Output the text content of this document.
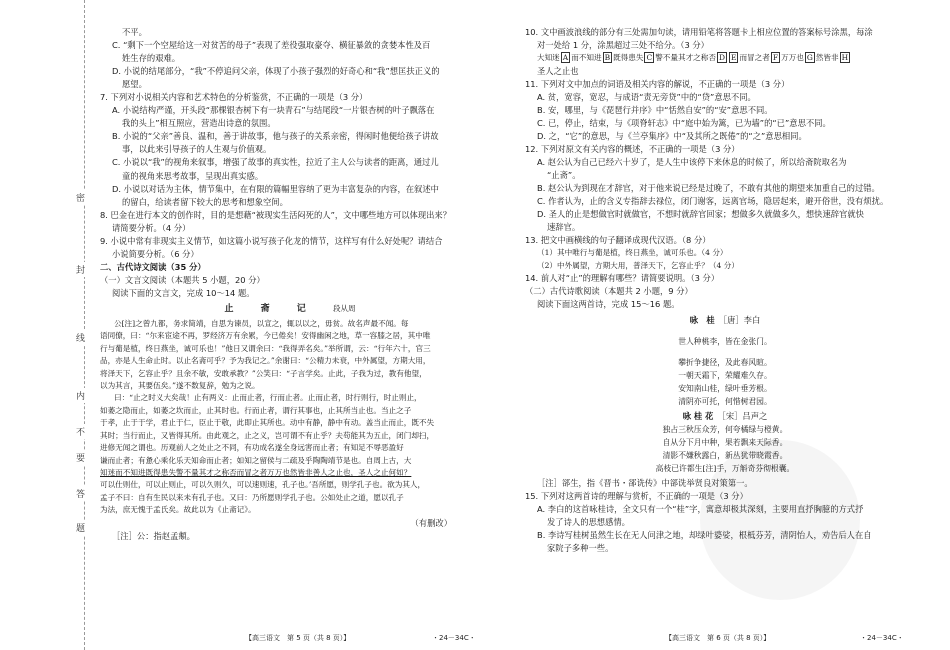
密
封
线
内
不
要
答
题

不平。

C. “剩下一个空屋给这一对贫苦的母子”表现了差役强取豪夺、横征暴敛的贪婪本性及百

姓生存的艰难。

D. 小说的结尾部分，“我”不停追问父亲，体现了小孩子强烈的好奇心和“我”想匡扶正义的

愿望。

7. 下列对小说相关内容和艺术特色的分析鉴赏，不正确的一项是（3 分）

A. 小说结构严谨，开头段“那棵银杏树下有一块青石”与结尾段“一片银杏树的叶子飘落在

我的头上”相互照应，营造出诗意的氛围。

B. 小说的“父亲”善良、温和，善于讲故事，他与孩子的关系亲密，得闲时他便给孩子讲故

事，以此来引导孩子的人生观与价值观。

C. 小说以“我”的视角来叙事，增强了故事的真实性，拉近了主人公与读者的距离，通过儿

童的视角来思考故事，呈现出真实感。

D. 小说以对话为主体，情节集中，在有限的篇幅里容纳了更为丰富复杂的内容，在叙述中

的留白，给读者留下较大的思考和想象空间。

8. 巴金在进行本文的创作时，目的是想藉“被现实生活闷死的人”，文中哪些地方可以体现出来？

请简要分析。（4 分）

9. 小说中常有非现实主义情节，如这篇小说写孩子化龙的情节，这样写有什么好处呢？请结合

小说简要分析。（6 分）

二、古代诗文阅读（35 分）

（一）文言文阅读（本题共 5 小题，20 分）

阅读下面的文言文，完成 10～14 题。

止 斋 记 段从周

公[注]之曾九都，务求简靖，自思为谏员，以宣之，辄以以之，毋贫。故名声最不闻。每

语同僚，曰：“尔来宦途不再，罗经济万有余累，今已倦矣！安得幽闲之地，草一容膝之居，其中唯

行与葡是植，终日燕坐，诚可乐也！”他日又谓余曰：“我得弄名矣。”举所谓，云：“行年六十，官三

品，亦是人生命止时。以止名斋可乎？予为我记之。”余谢曰：“公精力未衰，中外属望，方期大用，

将泽天下，乞容止乎？且余不敏，安敢承教？”公笑曰：“子言学矣。止此，子我为过，教有他望，

以为其言，其要伍矣。”遂不数复辞，勉为之说。

曰：“止之时义大矣哉！止有两义：止而止者，行而止者。止而止者，时行则行，时止则止，

如萎之隐而止，如萎之坎而止，止其时也。行而止者，谓行其事也，止其所当止也。当止之子

于孝，止于于学，君止于仁，臣止于敬，此即止其所也。动中有静，静中有动。盖当止而止，既不失

其时；当行而止，又皆得其所。由此观之，止之义，岂可谓不有止乎？夫苟能其为五止，闭门却扫，

进修无闻之谓也。历观前人之处止之不同，有功成名遂全身远害而止者；有知足不辱恶盈好

谦而止者；有惫心乘化乐天知命而止者；如知之留侯与二疏及乎陶陶靖节是也。自周上古，大

知迷而不知进既得患失警不量其才之称否而冒之者万万也然皆非善人之止也，圣人之止何如？

可以仕则仕，可以止则止，可以久则久，可以速则速，孔子也。’吾所愿，则学孔子也。欲为其人，

孟子不曰：自有生民以来未有孔子也。又曰：乃所愿则学孔子也。公如处止之道，愿以孔子

为法，庶无愧于孟氏矣。故此以为《止斋记》。

（有删改）

［注］公：指赵孟頫。

10. 文中画波浪线的部分有三处需加句读，请用铅笔将答题卡上相应位置的答案标号涂黑，每涂

对一处给 1 分，涂黑超过三处不给分。（3 分）

大知迷 A 而不知进 B 既得患失 C 警不量其才之称否 D E 而冒之者 F 万万也 G 然皆非 H

圣人之止也

11. 下列对文中加点的词语及相关内容的解说，不正确的一项是（3 分）

A. 贫，宽容，宽忍，与成语“责无旁贷”中的“贷”意思不同。

B. 安，哪里，与《琵琶行并序》中“恬然自安”的“安”意思不同。

C. 已，停止，结束，与《项脊轩志》中“庭中始为篱，已为墙”的“已”意思不同。

D. 之，“它”的意思，与《兰亭集序》中“及其所之既倦”的“之”意思相同。

12. 下列对原文有关内容的概述，不正确的一项是（3 分）

A. 赵公认为自己已经六十岁了，是人生中该停下来休息的时候了，所以给斋院取名为

“止斋”。

B. 赵公认为到现在才辞官，对于他来说已经是过晚了，不敢有其他的期望来加重自己的过错。

C. 作者认为，止的含义专指辞去禄位，闭门谢客，远离官场，隐居起来，避开俗世，没有烦扰。

D. 圣人的止是想做官时就做官，不想时就辞官回家；想做多久就做多久，想快速辞官就快

速辞官。

13. 把文中画横线的句子翻译成现代汉语。（8 分）

（1）其中唯行与葡是植，终日燕坐，诚可乐也。（4 分）

（2）中外属望，方期大用，普泽天下，乞容止乎？（4 分）

14. 前人对“止”的理解有哪些？请简要说明。（3 分）

（二）古代诗歌阅读（本题共 2 小题，9 分）

阅读下面这两首诗，完成 15～16 题。

咏　桂　 ［唐］李白

世人种桃李，皆在金张门。

攀折争捷径，及此春风暄。

一朝天霜下，荣耀难久存。

安知南山桂，绿叶垂芳根。

清阴亦可托，何惜树君园。

咏 桂 花　 ［宋］吕声之

独占三秋压众芳，何夸橘绿与橙黄。

自从分下月中种，果若飘来天际香。

清影不嫌秋露白，新丛犹带晓霞香。

高枝已许都生[注]手，万斛奇芬彻根囊。

［注］郤生，指《晋书・郤诜传》中郤诜举贤良对策第一。

15. 下列对这两首诗的理解与赏析，不正确的一项是（3 分）

A. 李白的这首咏桂诗，全文只有一个“桂”字，寓意却极其深刻，主要用直抒胸臆的方式抒

发了诗人的思想感情。

B. 李诗写桂树虽然生长在无人问津之地，却绿叶婆娑，根柢芬芳，清阴怡人，劝告后人在自

家院子多种一些。

【高三语文　第 5 页（共 8 页）】	・24－34C・	【高三语文　第 6 页（共 8 页）】	・24－34C・
